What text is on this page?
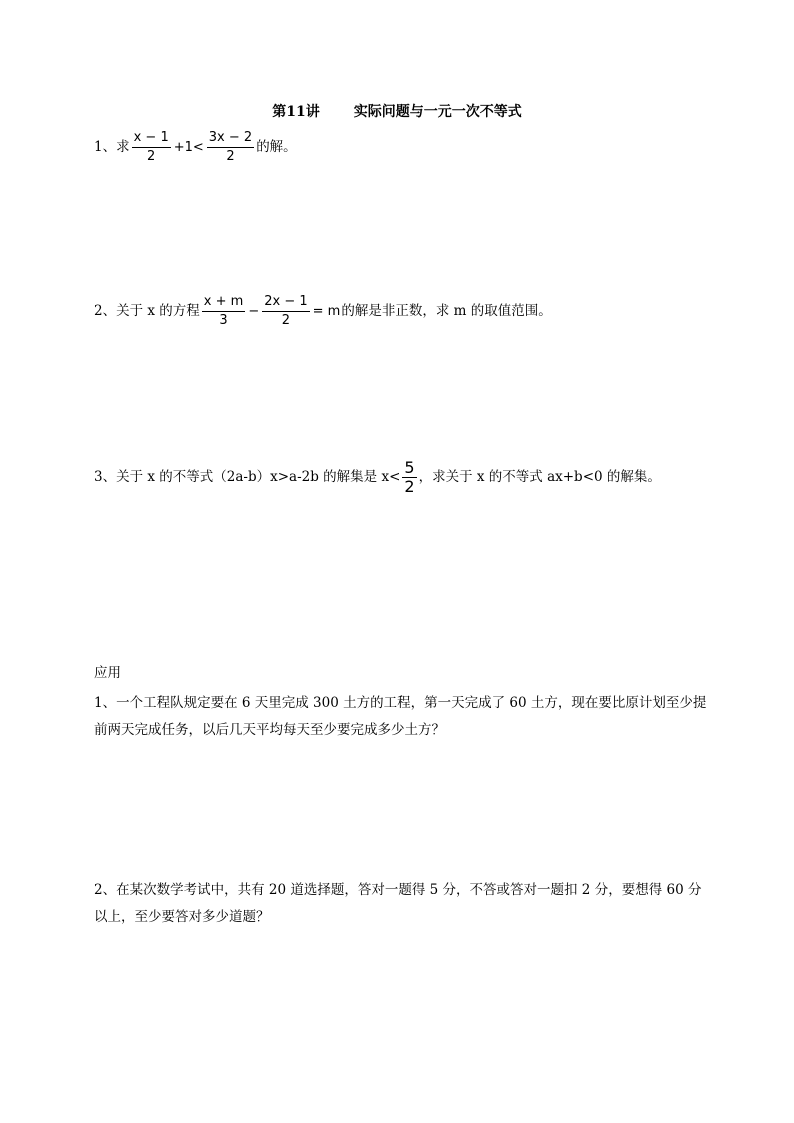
第11讲 实际问题与一元一次不等式
1、求 $\frac{x - 1}{2} +1< \frac{3x - 2}{2}$ 的解。
2、关于 x 的方程 $\frac{x + m}{3} - \frac{2x - 1}{2} = m$的解是非正数，求 m 的取值范围。
3、关于 x 的不等式（2a-b）x>a-2b 的解集是 $x< \frac{5}{2}$ ，求关于 x 的不等式 ax+b<0 的解集。
应用
1、一个工程队规定要在 6 天里完成 300 土方的工程，第一天完成了 60 土方，现在要比原计划至少提前两天完成任务，以后几天平均每天至少要完成多少土方？
2、在某次数学考试中，共有 20 道选择题，答对一题得 5 分，不答或答对一题扣 2 分，要想得 60 分以上，至少要答对多少道题？
